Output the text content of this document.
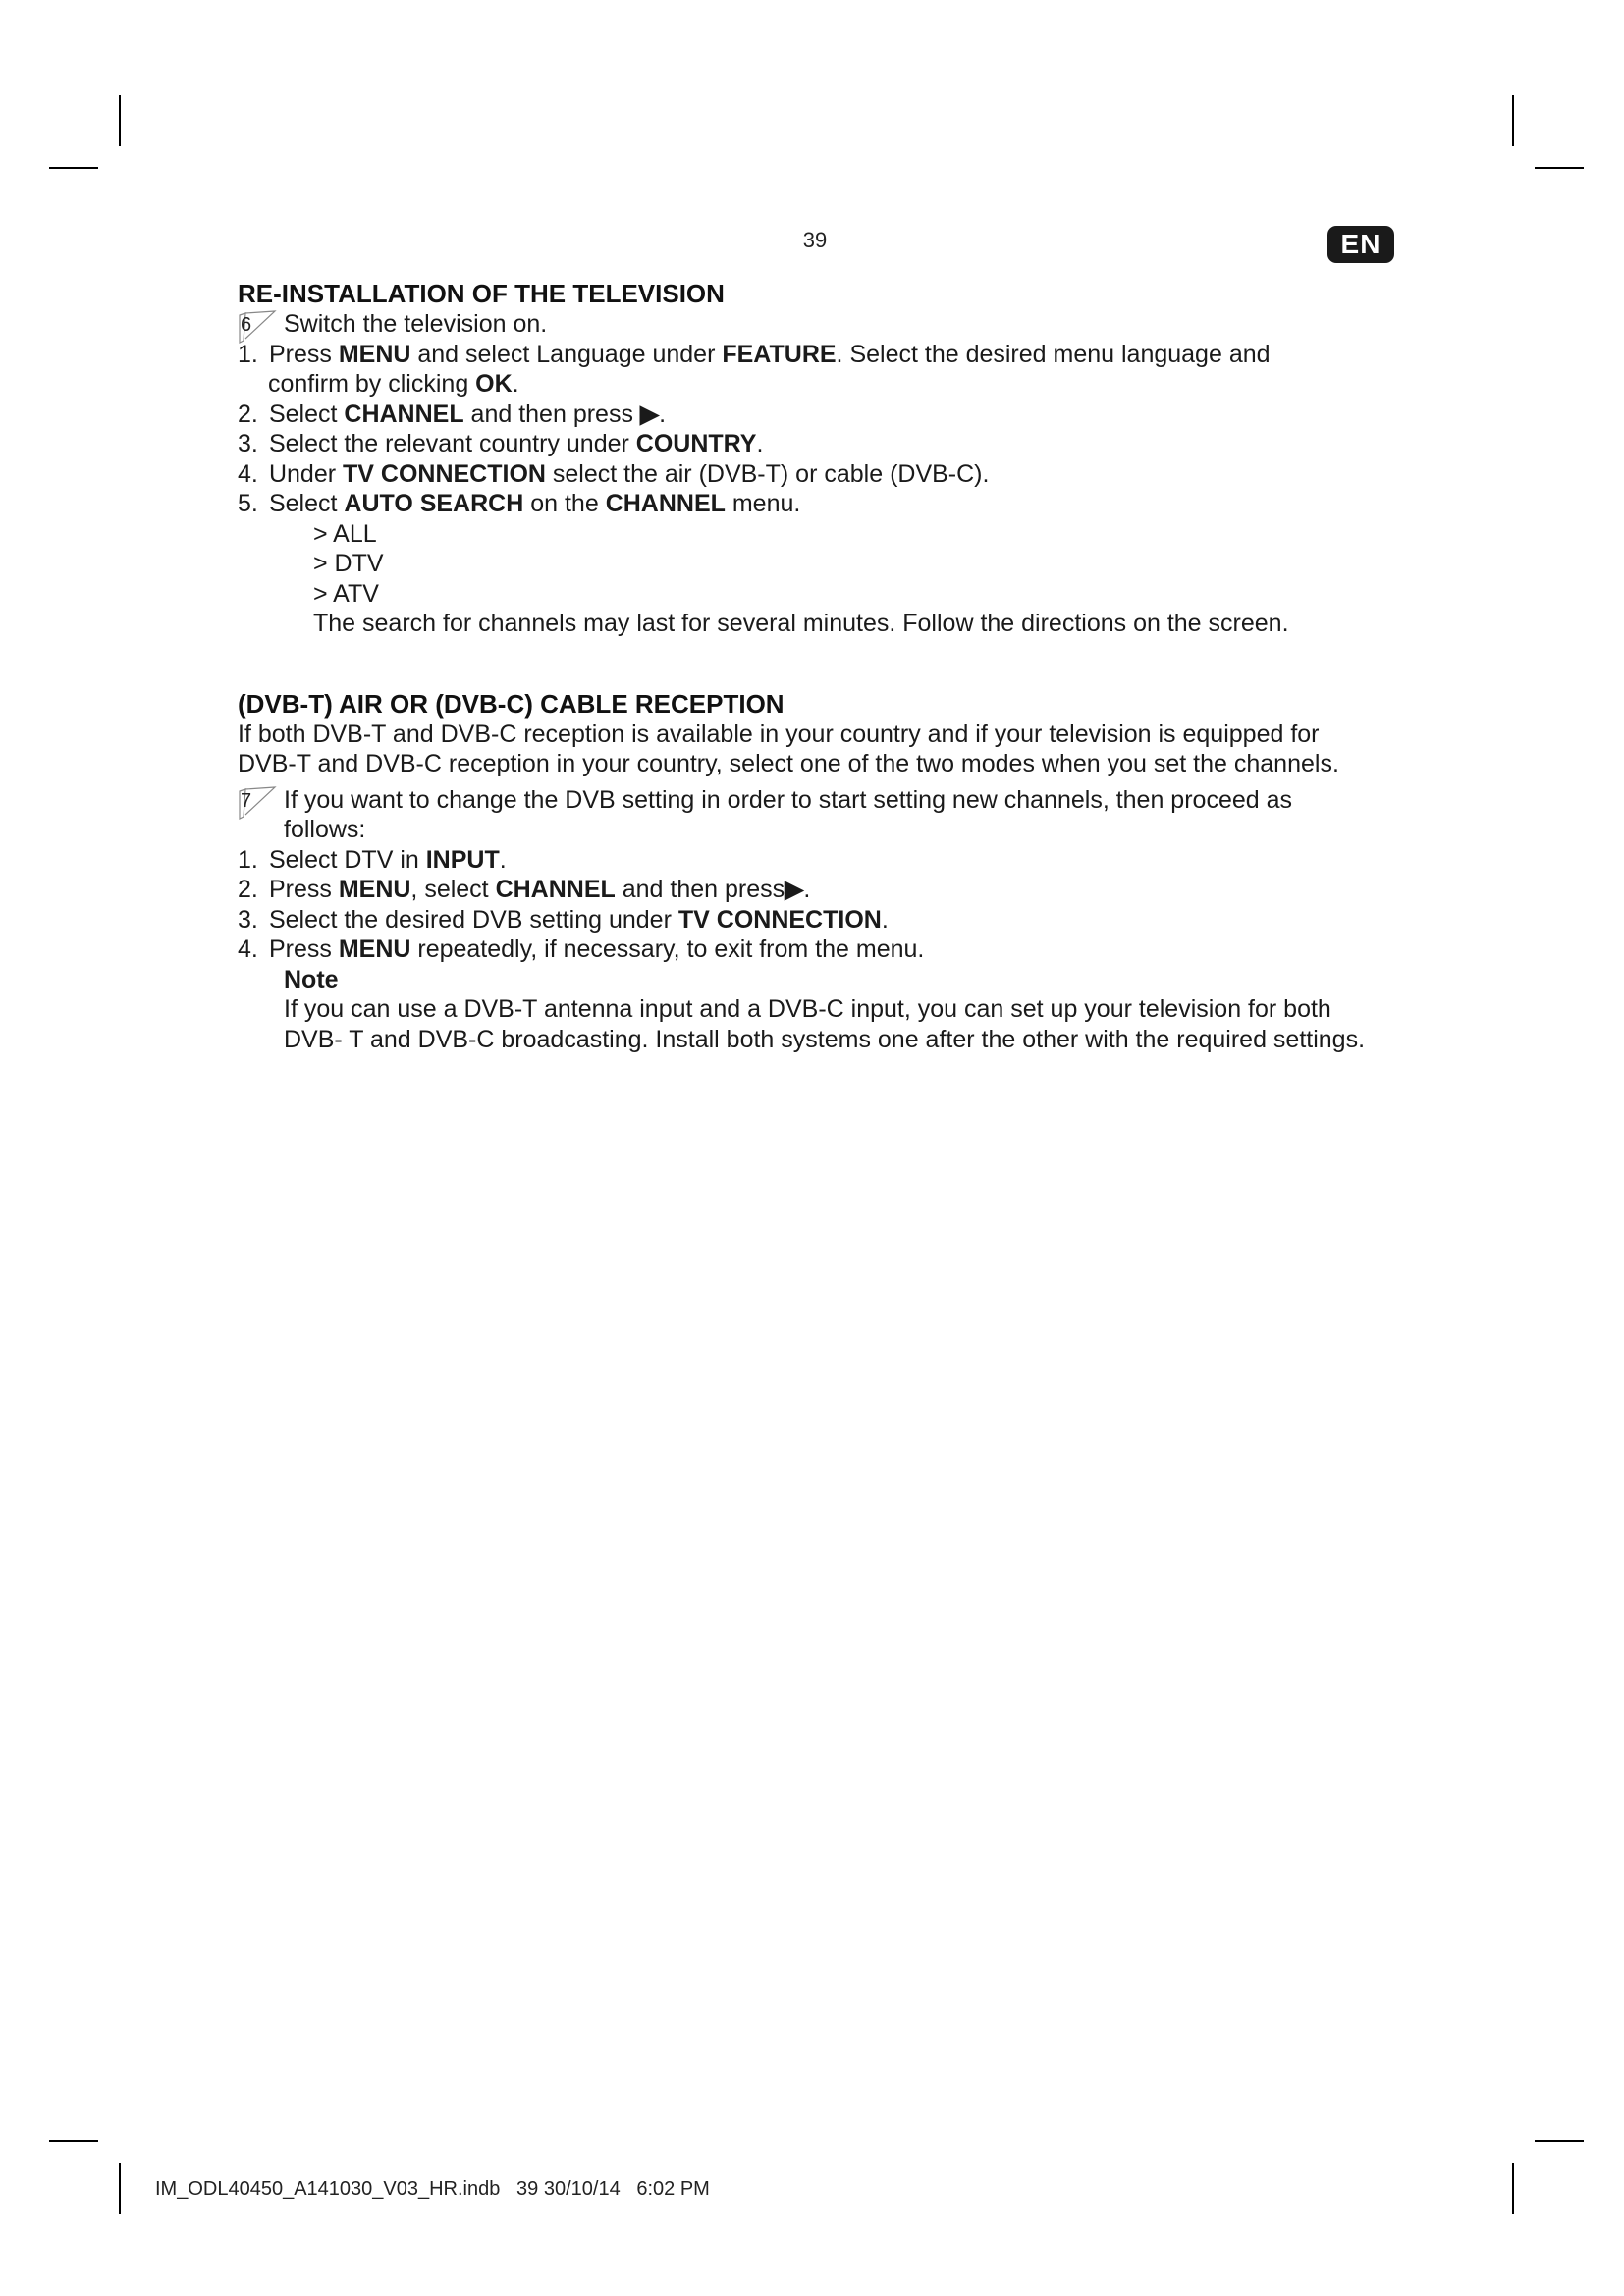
39	EN
RE-INSTALLATION OF THE TELEVISION
6	Switch the television on.

1. Press MENU and select Language under FEATURE. Select the desired menu language and
confirm by clicking OK.
2. Select CHANNEL and then press ▶.
3. Select the relevant country under COUNTRY.
4. Under TV CONNECTION select the air (DVB-T) or cable (DVB-C).
5. Select AUTO SEARCH on the CHANNEL menu.

> ALL

> DTV

> ATV

The search for channels may last for several minutes. Follow the directions on the screen.

(DVB-T) AIR OR (DVB-C) CABLE RECEPTION

If both DVB-T and DVB-C reception is available in your country and if your television is equipped for

DVB-T and DVB-C reception in your country, select one of the two modes when you set the channels.

7	If you want to change the DVB setting in order to start setting new channels, then proceed as

follows:

1. Select DTV in INPUT.
2. Press MENU, select CHANNEL and then press▶.
3. Select the desired DVB setting under TV CONNECTION.
4. Press MENU repeatedly, if necessary, to exit from the menu.

Note

If you can use a DVB-T antenna input and a DVB-C input, you can set up your television for both

DVB- T and DVB-C broadcasting. Install both systems one after the other with the required settings.

IM_ODL40450_A141030_V03_HR.indb   39 30/10/14   6:02 PM
